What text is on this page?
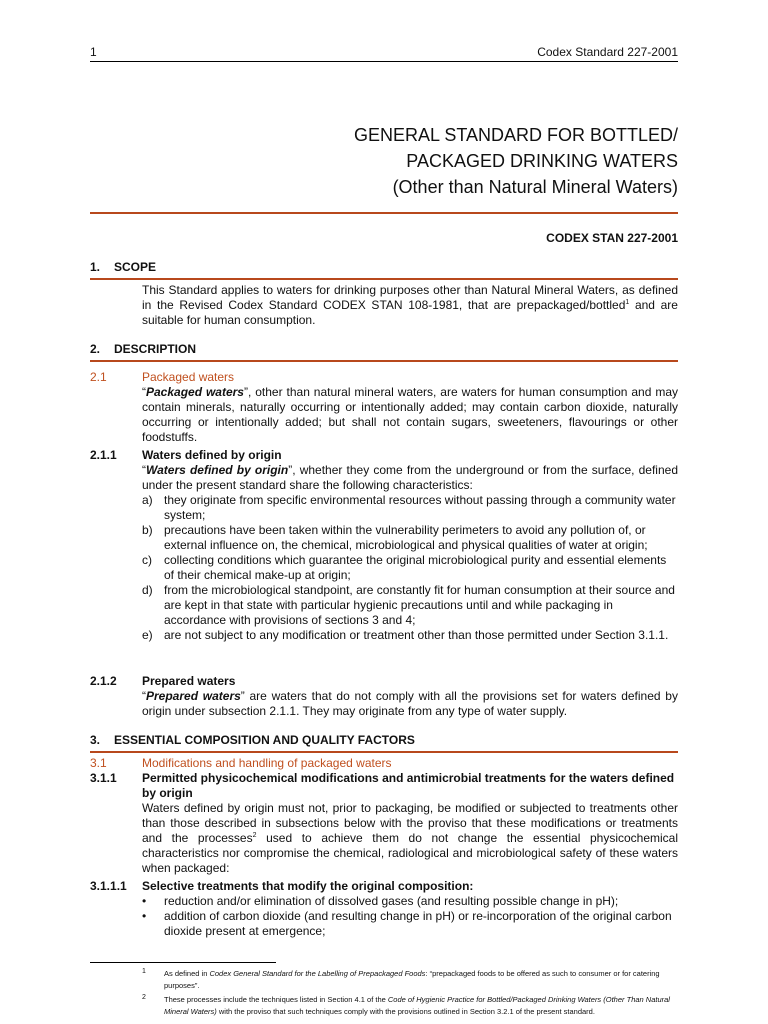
1	Codex Standard 227-2001
GENERAL STANDARD FOR BOTTLED/
PACKAGED DRINKING WATERS
(Other than Natural Mineral Waters)
CODEX STAN 227-2001
1. SCOPE
This Standard applies to waters for drinking purposes other than Natural Mineral Waters, as defined in the Revised Codex Standard CODEX STAN 108-1981, that are prepackaged/bottled$^1$ and are suitable for human consumption.
2. DESCRIPTION
2.1	Packaged waters
“Packaged waters”, other than natural mineral waters, are waters for human consumption and may contain minerals, naturally occurring or intentionally added; may contain carbon dioxide, naturally occurring or intentionally added; but shall not contain sugars, sweeteners, flavourings or other foodstuffs.
2.1.1 Waters defined by origin
“Waters defined by origin”, whether they come from the underground or from the surface, defined under the present standard share the following characteristics:
a) they originate from specific environmental resources without passing through a community water system;
b) precautions have been taken within the vulnerability perimeters to avoid any pollution of, or external influence on, the chemical, microbiological and physical qualities of water at origin;
c) collecting conditions which guarantee the original microbiological purity and essential elements of their chemical make-up at origin;
d) from the microbiological standpoint, are constantly fit for human consumption at their source and are kept in that state with particular hygienic precautions until and while packaging in accordance with provisions of sections 3 and 4;
e) are not subject to any modification or treatment other than those permitted under Section 3.1.1.
2.1.2 Prepared waters
“Prepared waters” are waters that do not comply with all the provisions set for waters defined by origin under subsection 2.1.1. They may originate from any type of water supply.
3. ESSENTIAL COMPOSITION AND QUALITY FACTORS
3.1	Modifications and handling of packaged waters
3.1.1 Permitted physicochemical modifications and antimicrobial treatments for the waters defined by origin
Waters defined by origin must not, prior to packaging, be modified or subjected to treatments other than those described in subsections below with the proviso that these modifications or treatments and the processes$^2$ used to achieve them do not change the essential physicochemical characteristics nor compromise the chemical, radiological and microbiological safety of these waters when packaged:
3.1.1.1 Selective treatments that modify the original composition:
• reduction and/or elimination of dissolved gases (and resulting possible change in pH);
• addition of carbon dioxide (and resulting change in pH) or re-incorporation of the original carbon dioxide present at emergence;
1 As defined in Codex General Standard for the Labelling of Prepackaged Foods: “prepackaged foods to be offered as such to consumer or for catering purposes”.
2 These processes include the techniques listed in Section 4.1 of the Code of Hygienic Practice for Bottled/Packaged Drinking Waters (Other Than Natural Mineral Waters) with the proviso that such techniques comply with the provisions outlined in Section 3.2.1 of the present standard.
